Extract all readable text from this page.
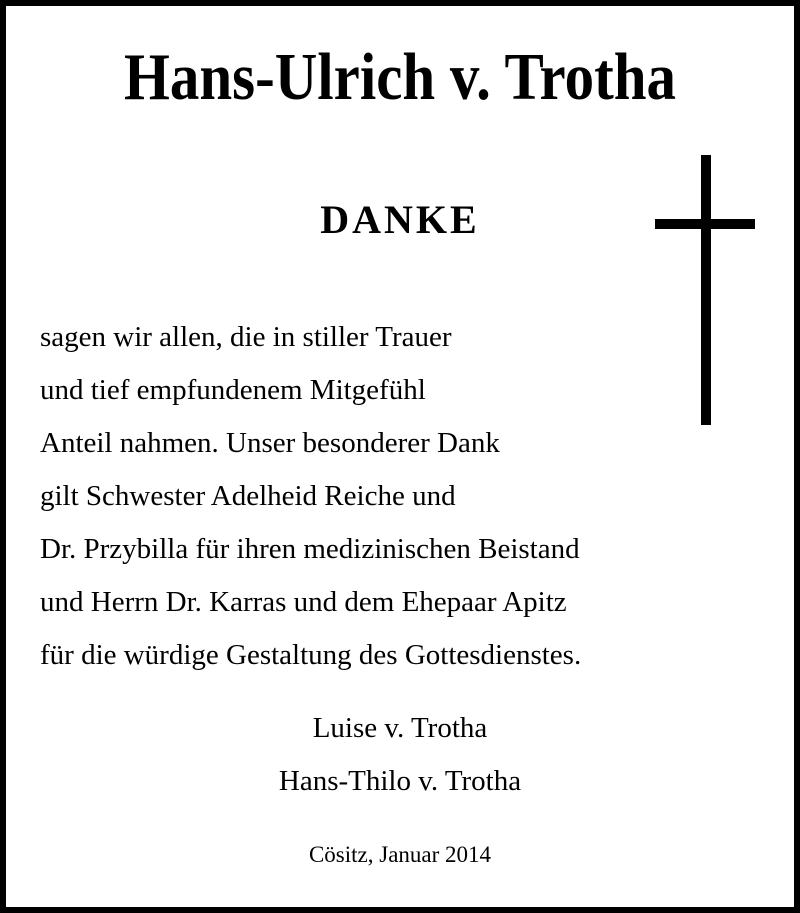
Hans-Ulrich v. Trotha
DANKE
sagen wir allen, die in stiller Trauer
und tief empfundenem Mitgefühl
Anteil nahmen. Unser besonderer Dank
gilt Schwester Adelheid Reiche und
Dr. Przybilla für ihren medizinischen Beistand
und Herrn Dr. Karras und dem Ehepaar Apitz
für die würdige Gestaltung des Gottesdienstes.
Luise v. Trotha
Hans-Thilo v. Trotha
Cösitz, Januar 2014
